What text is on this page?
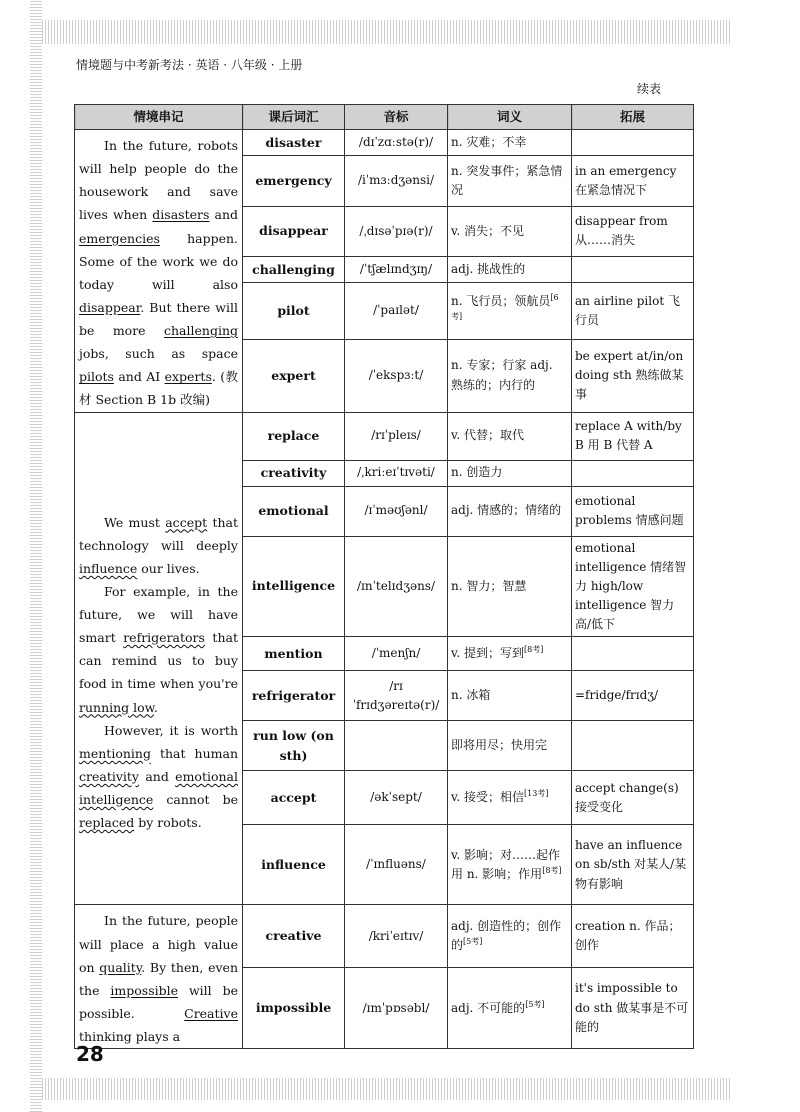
情境题与中考新考法 · 英语 · 八年级 · 上册
续表
情境串记	课后词汇	音标	词义	拓展

In the future, robots will help people do the housework and save lives when disasters and emergencies happen. Some of the work we do today will also disappear. But there will be more challenging jobs, such as space pilots and AI experts. (教材 Section B 1b 改编)	disaster	/dɪˈzɑːstə(r)/	n. 灾难；不幸	
	emergency	/iˈmɜːdʒənsi/	n. 突发事件；紧急情况	in an emergency 在紧急情况下
	disappear	/ˌdɪsəˈpɪə(r)/	v. 消失；不见	disappear from 从……消失
	challenging	/ˈtʃælɪndʒɪŋ/	adj. 挑战性的	
	pilot	/ˈpaɪlət/	n. 飞行员；领航员[6考]	an airline pilot 飞行员
	expert	/ˈekspɜːt/	n. 专家；行家 adj. 熟练的；内行的	be expert at/in/on doing sth 熟练做某事

We must accept that technology will deeply influence our lives.

For example, in the future, we will have smart refrigerators that can remind us to buy food in time when you're running low.

However, it is worth mentioning that human creativity and emotional intelligence cannot be replaced by robots.	replace	/rɪˈpleɪs/	v. 代替；取代	replace A with/by B 用 B 代替 A
	creativity	/ˌkriːeɪˈtɪvəti/	n. 创造力	
	emotional	/ɪˈməʊʃənl/	adj. 情感的；情绪的	emotional problems 情感问题
	intelligence	/ɪnˈtelɪdʒəns/	n. 智力；智慧	emotional intelligence 情绪智力 high/low intelligence 智力高/低下
	mention	/ˈmenʃn/	v. 提到；写到[8考]	
	refrigerator	/rɪˈfrɪdʒəreɪtə(r)/	n. 冰箱	=fridge/frɪdʒ/
	run low (on sth)		即将用尽；快用完	
	accept	/əkˈsept/	v. 接受；相信[13考]	accept change(s) 接受变化
	influence	/ˈɪnfluəns/	v. 影响；对……起作用 n. 影响；作用[8考]	have an influence on sb/sth 对某人/某物有影响

In the future, people will place a high value on quality. By then, even the impossible will be possible. Creative thinking plays a	creative	/kriˈeɪtɪv/	adj. 创造性的；创作的[5考]	creation n. 作品；创作
	impossible	/ɪmˈpɒsəbl/	adj. 不可能的[5考]	it's impossible to do sth 做某事是不可能的
28
